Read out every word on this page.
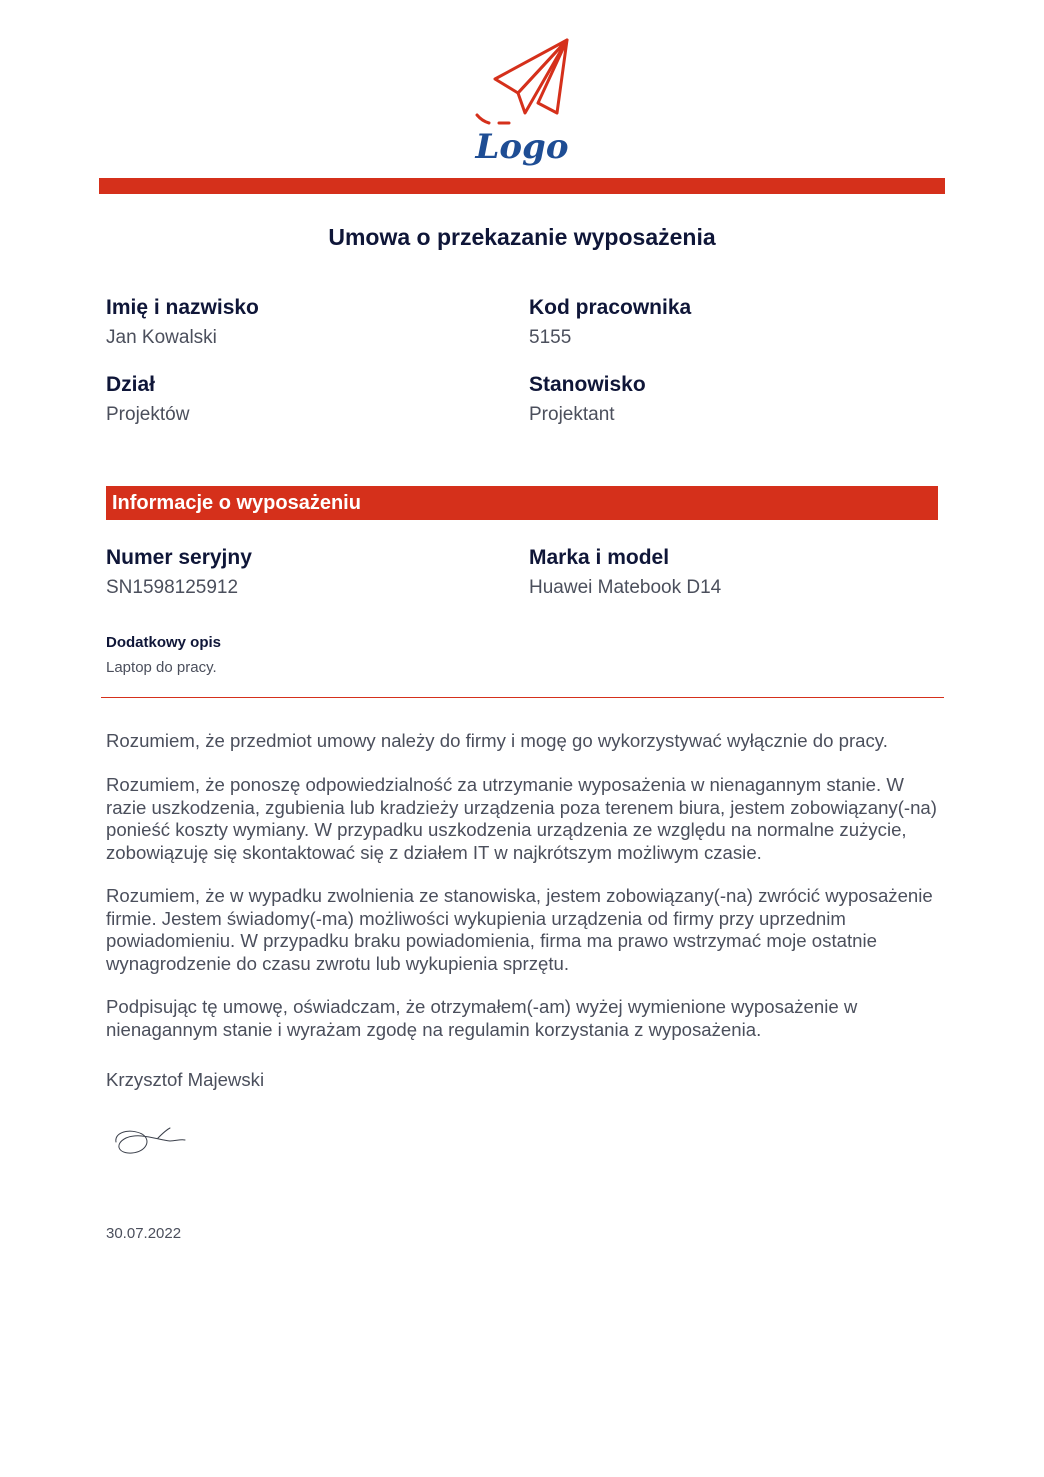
Logo
Umowa o przekazanie wyposażenia
Imię i nazwisko
Jan Kowalski
Kod pracownika
5155
Dział
Projektów
Stanowisko
Projektant
Informacje o wyposażeniu
Numer seryjny
SN1598125912
Marka i model
Huawei Matebook D14
Dodatkowy opis
Laptop do pracy.

Rozumiem, że przedmiot umowy należy do firmy i mogę go wykorzystywać wyłącznie do pracy.

Rozumiem, że ponoszę odpowiedzialność za utrzymanie wyposażenia w nienagannym stanie. W razie uszkodzenia, zgubienia lub kradzieży urządzenia poza terenem biura, jestem zobowiązany(-na) ponieść koszty wymiany. W przypadku uszkodzenia urządzenia ze względu na normalne zużycie, zobowiązuję się skontaktować się z działem IT w najkrótszym możliwym czasie.

Rozumiem, że w wypadku zwolnienia ze stanowiska, jestem zobowiązany(-na) zwrócić wyposażenie firmie. Jestem świadomy(-ma) możliwości wykupienia urządzenia od firmy przy uprzednim powiadomieniu. W przypadku braku powiadomienia, firma ma prawo wstrzymać moje ostatnie wynagrodzenie do czasu zwrotu lub wykupienia sprzętu.

Podpisując tę umowę, oświadczam, że otrzymałem(-am) wyżej wymienione wyposażenie w nienagannym stanie i wyrażam zgodę na regulamin korzystania z wyposażenia.

Krzysztof Majewski
30.07.2022
